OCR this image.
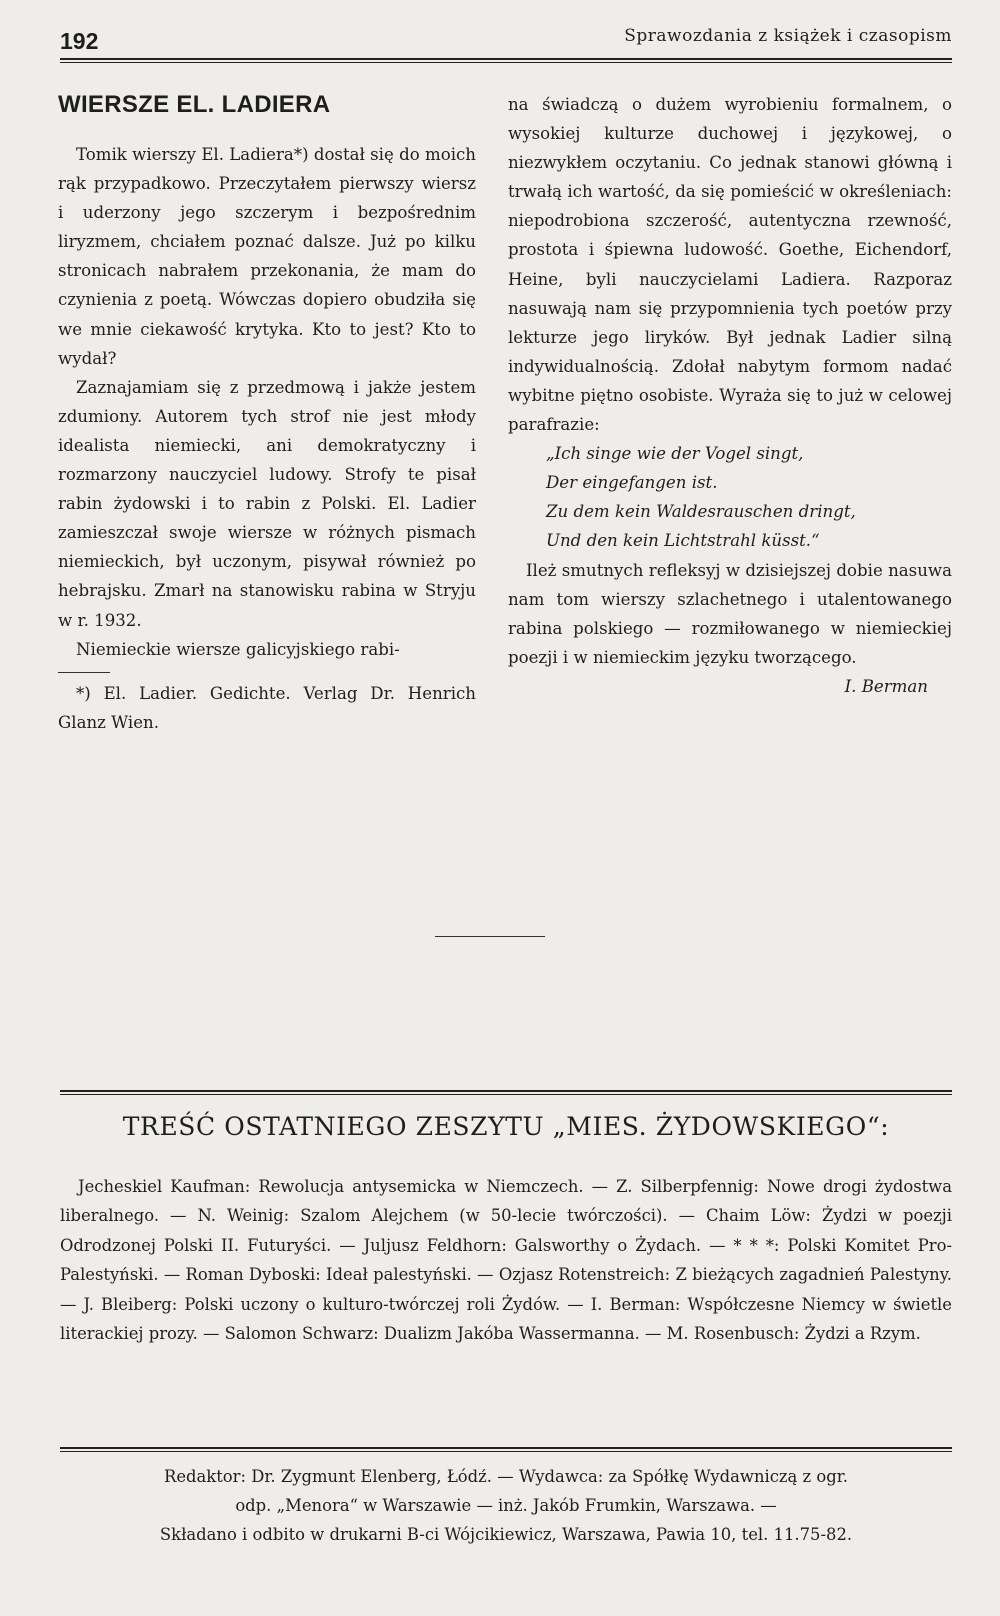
192	Sprawozdania z książek i czasopism
WIERSZE EL. LADIERA

Tomik wierszy El. Ladiera*) dostał się do moich rąk przypadkowo. Przeczytałem pierwszy wiersz i uderzony jego szczerym i bezpośrednim liryzmem, chciałem poznać dalsze. Już po kilku stronicach nabrałem przekonania, że mam do czynienia z poetą. Wówczas dopiero obudziła się we mnie ciekawość krytyka. Kto to jest? Kto to wydał?

Zaznajamiam się z przedmową i jakże jestem zdumiony. Autorem tych strof nie jest młody idealista niemiecki, ani demokratyczny i rozmarzony nauczyciel ludowy. Strofy te pisał rabin żydowski i to rabin z Polski. El. Ladier zamieszczał swoje wiersze w różnych pismach niemieckich, był uczonym, pisywał również po hebrajsku. Zmarł na stanowisku rabina w Stryju w r. 1932.

Niemieckie wiersze galicyjskiego rabi-

*) El. Ladier. Gedichte. Verlag Dr. Henrich Glanz Wien.

na świadczą o dużem wyrobieniu formalnem, o wysokiej kulturze duchowej i językowej, o niezwykłem oczytaniu. Co jednak stanowi główną i trwałą ich wartość, da się pomieścić w określeniach: niepodrobiona szczerość, autentyczna rzewność, prostota i śpiewna ludowość. Goethe, Eichendorf, Heine, byli nauczycielami Ladiera. Razporaz nasuwają nam się przypomnienia tych poetów przy lekturze jego liryków. Był jednak Ladier silną indywidualnością. Zdołał nabytym formom nadać wybitne piętno osobiste. Wyraża się to już w celowej parafrazie:

„Ich singe wie der Vogel singt,
Der eingefangen ist.
Zu dem kein Waldesrauschen dringt,
Und den kein Lichtstrahl küsst.“

Ileż smutnych refleksyj w dzisiejszej dobie nasuwa nam tom wierszy szlachetnego i utalentowanego rabina polskiego — rozmiłowanego w niemieckiej poezji i w niemieckim języku tworzącego.

I. Berman

TREŚĆ OSTATNIEGO ZESZYTU „MIES. ŻYDOWSKIEGO“:

Jecheskiel Kaufman: Rewolucja antysemicka w Niemczech. — Z. Silberpfennig: Nowe drogi żydostwa liberalnego. — N. Weinig: Szalom Alejchem (w 50-lecie twórczości). — Chaim Löw: Żydzi w poezji Odrodzonej Polski II. Futuryści. — Juljusz Feldhorn: Galsworthy o Żydach. — * * *: Polski Komitet Pro-Palestyński. — Roman Dyboski: Ideał palestyński. — Ozjasz Rotenstreich: Z bieżących zagadnień Palestyny. — J. Bleiberg: Polski uczony o kulturo-twórczej roli Żydów. — I. Berman: Współczesne Niemcy w świetle literackiej prozy. — Salomon Schwarz: Dualizm Jakóba Wassermanna. — M. Rosenbusch: Żydzi a Rzym.

Redaktor: Dr. Zygmunt Elenberg, Łódź. — Wydawca: za Spółkę Wydawniczą z ogr.

odp. „Menora“ w Warszawie — inż. Jakób Frumkin, Warszawa. —

Składano i odbito w drukarni B-ci Wójcikiewicz, Warszawa, Pawia 10, tel. 11.75-82.
